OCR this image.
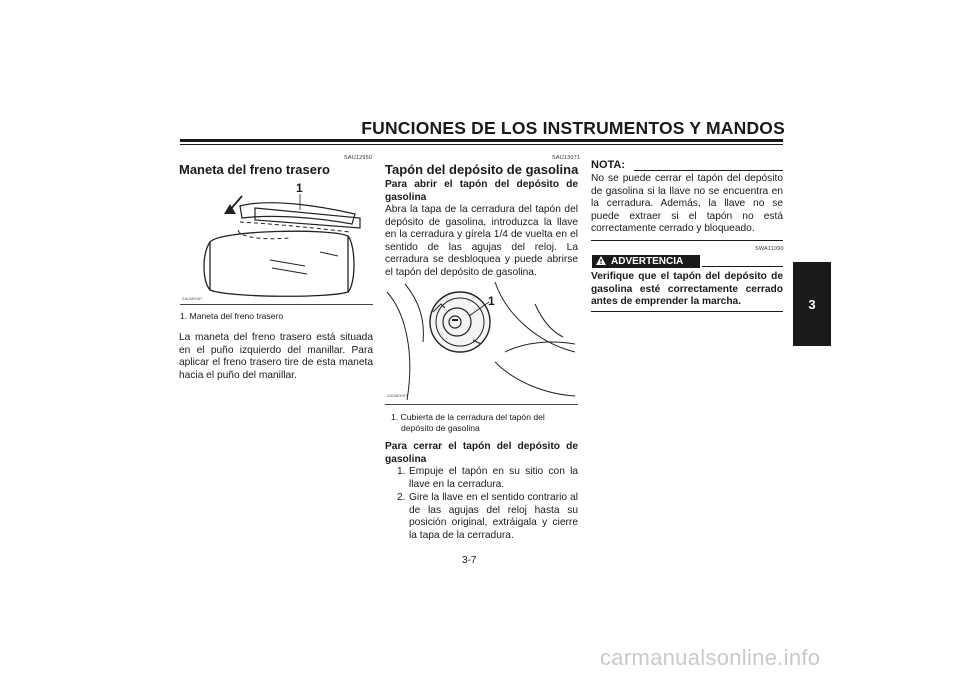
FUNCIONES DE LOS INSTRUMENTOS Y MANDOS
3
SAU12950
Maneta del freno trasero
1
ZAUM0067
1. Maneta del freno trasero
La maneta del freno trasero está situada en el puño izquierdo del manillar. Para aplicar el freno trasero tire de esta maneta hacia el puño del manillar.
SAU13071
Tapón del depósito de gasolina
Para abrir el tapón del depósito de gasolina
Abra la tapa de la cerradura del tapón del depósito de gasolina, introduzca la llave en la cerradura y gírela 1/4 de vuelta en el sentido de las agujas del reloj. La cerradura se desbloquea y puede abrirse el tapón del depósito de gasolina.
1
ZAUM0097
1. Cubierta de la cerradura del tapón del
depósito de gasolina
Para cerrar el tapón del depósito de gasolina
1. Empuje el tapón en su sitio con la llave en la cerradura.
2. Gire la llave en el sentido contrario al de las agujas del reloj hasta su posición original, extráigala y cierre la tapa de la cerradura.
NOTA:
No se puede cerrar el tapón del depósito de gasolina si la llave no se encuentra en la cerradura. Además, la llave no se puede extraer si el tapón no está correctamente cerrado y bloqueado.
SWA11090
ADVERTENCIA
Verifique que el tapón del depósito de gasolina esté correctamente cerrado antes de emprender la marcha.
3-7
carmanualsonline.info
